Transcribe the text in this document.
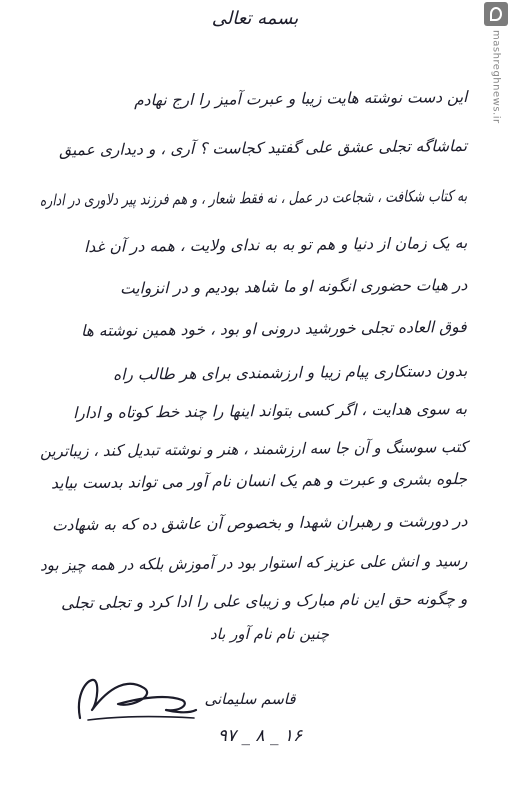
mashreghnews.ir
بسمه تعالی
این دست نوشته هایت زیبا و عبرت آمیز را ارج نهادم
تماشاگه تجلی عشق علی گفتید کجاست ؟ آری ، و دیداری عمیق
به کتاب شکافت ، شجاعت در عمل ، نه فقط شعار ، و هم فرزند پیر دلاوری در اداره
به یک زمان از دنیا و هم تو به به ندای ولایت ، همه در آن غدا
در هیات حضوری انگونه او ما شاهد بودیم و در انزوایت
فوق العاده تجلی خورشید درونی او بود ، خود همین نوشته ها
بدون دستکاری پیام زیبا و ارزشمندی برای هر طالب راه
به سوی هدایت ، اگر کسی بتواند اینها را چند خط کوتاه و ادارا
کتب سوسنگ و آن جا سه ارزشمند ، هنر و نوشته تبدیل کند ، زیباترین
جلوه بشری و عبرت و هم یک انسان نام آور می تواند بدست بیاید
در دورشت و رهبران شهدا و بخصوص آن عاشق ده که به شهادت
رسید و انش علی عزیز که استوار بود در آموزش بلکه در همه چیز بود
و چگونه حق این نام مبارک و زیبای علی را ادا کرد و تجلی تجلی
چنین نام نام آور باد
قاسم سلیمانی
۹۷ _ ۸ _ ۱۶
